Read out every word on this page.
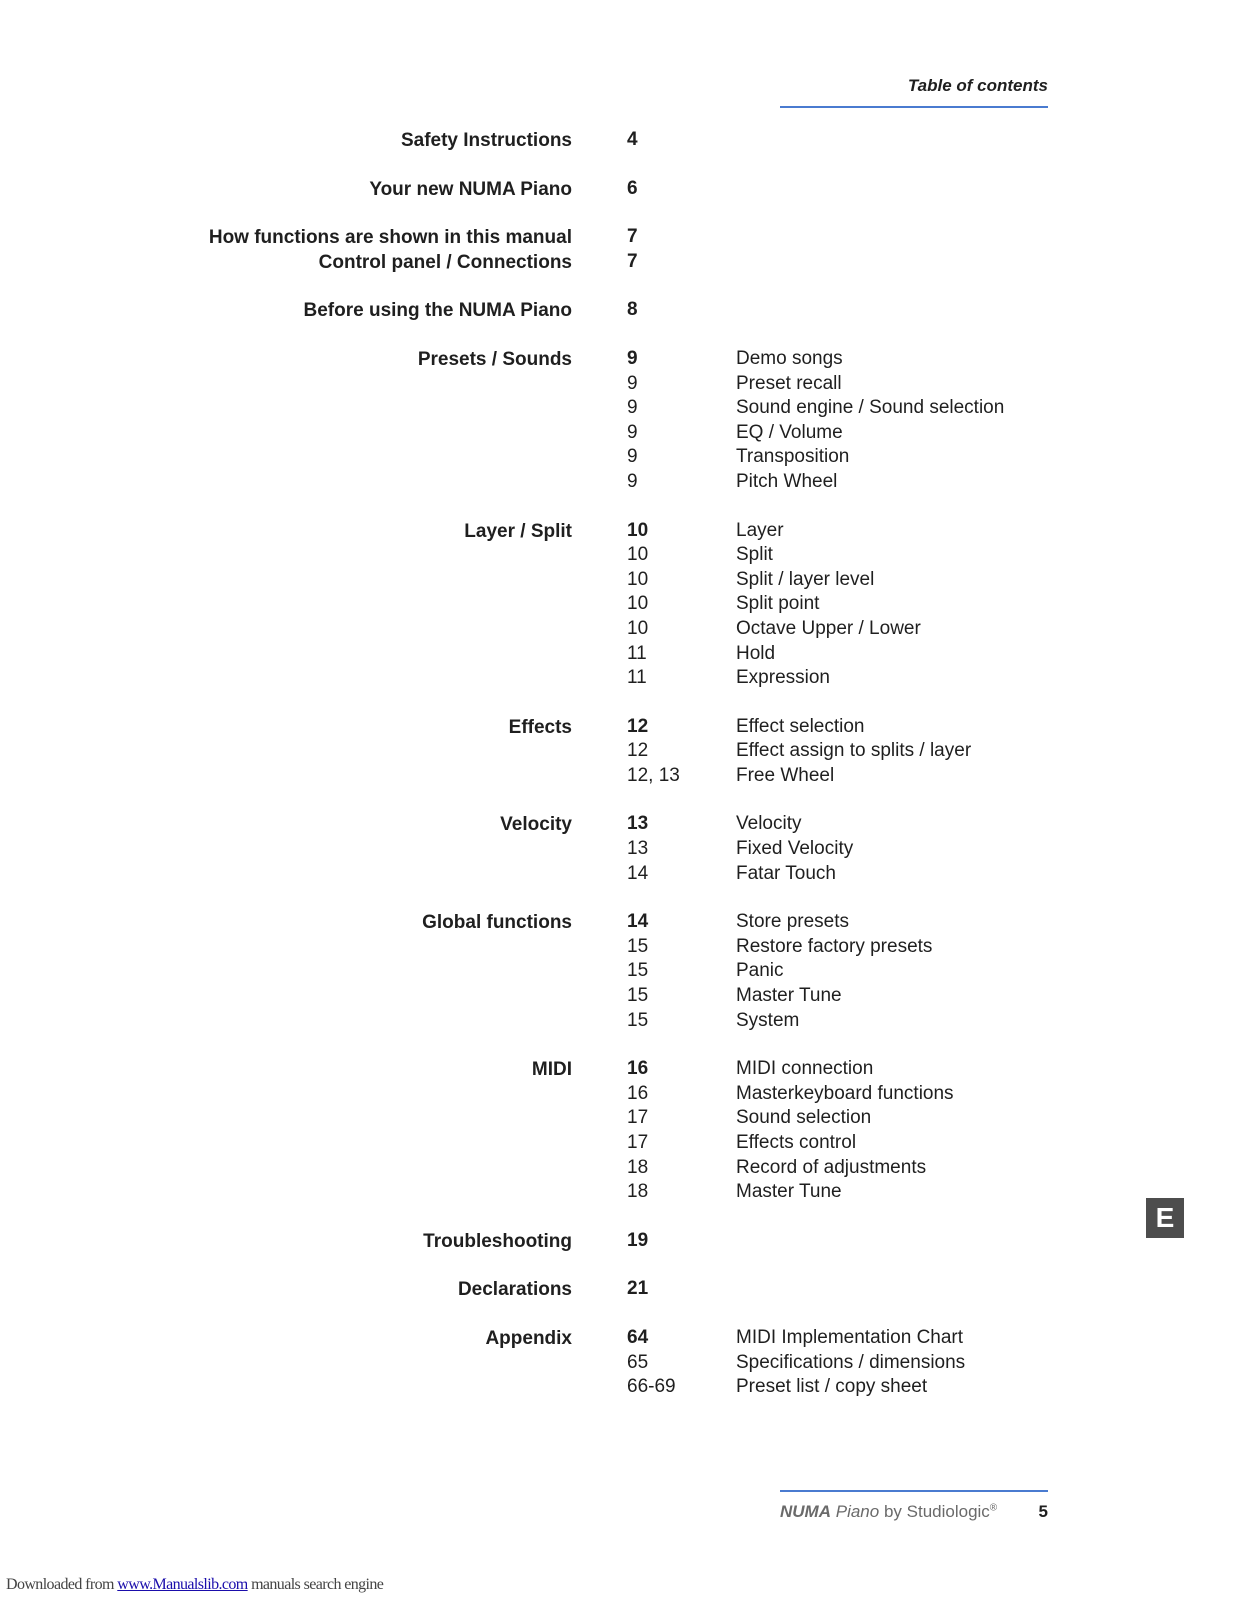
Table of contents
Safety Instructions	4
Your new NUMA Piano	6
How functions are shown in this manual	7
Control panel / Connections	7
Before using the NUMA Piano	8
Presets / Sounds	9	Demo songs
9	Preset recall
9	Sound engine / Sound selection
9	EQ / Volume
9	Transposition
9	Pitch Wheel
Layer / Split	10	Layer
10	Split
10	Split / layer level
10	Split point
10	Octave Upper / Lower
11	Hold
11	Expression
Effects	12	Effect selection
12	Effect assign to splits / layer
12, 13	Free Wheel
Velocity	13	Velocity
13	Fixed Velocity
14	Fatar Touch
Global functions	14	Store presets
15	Restore factory presets
15	Panic
15	Master Tune
15	System
MIDI	16	MIDI connection
16	Masterkeyboard functions
17	Sound selection
17	Effects control
18	Record of adjustments
18	Master Tune
Troubleshooting	19
Declarations	21
Appendix	64	MIDI Implementation Chart
65	Specifications / dimensions
66-69	Preset list / copy sheet
E
NUMA Piano by Studiologic® 5
Downloaded from www.Manualslib.com manuals search engine
